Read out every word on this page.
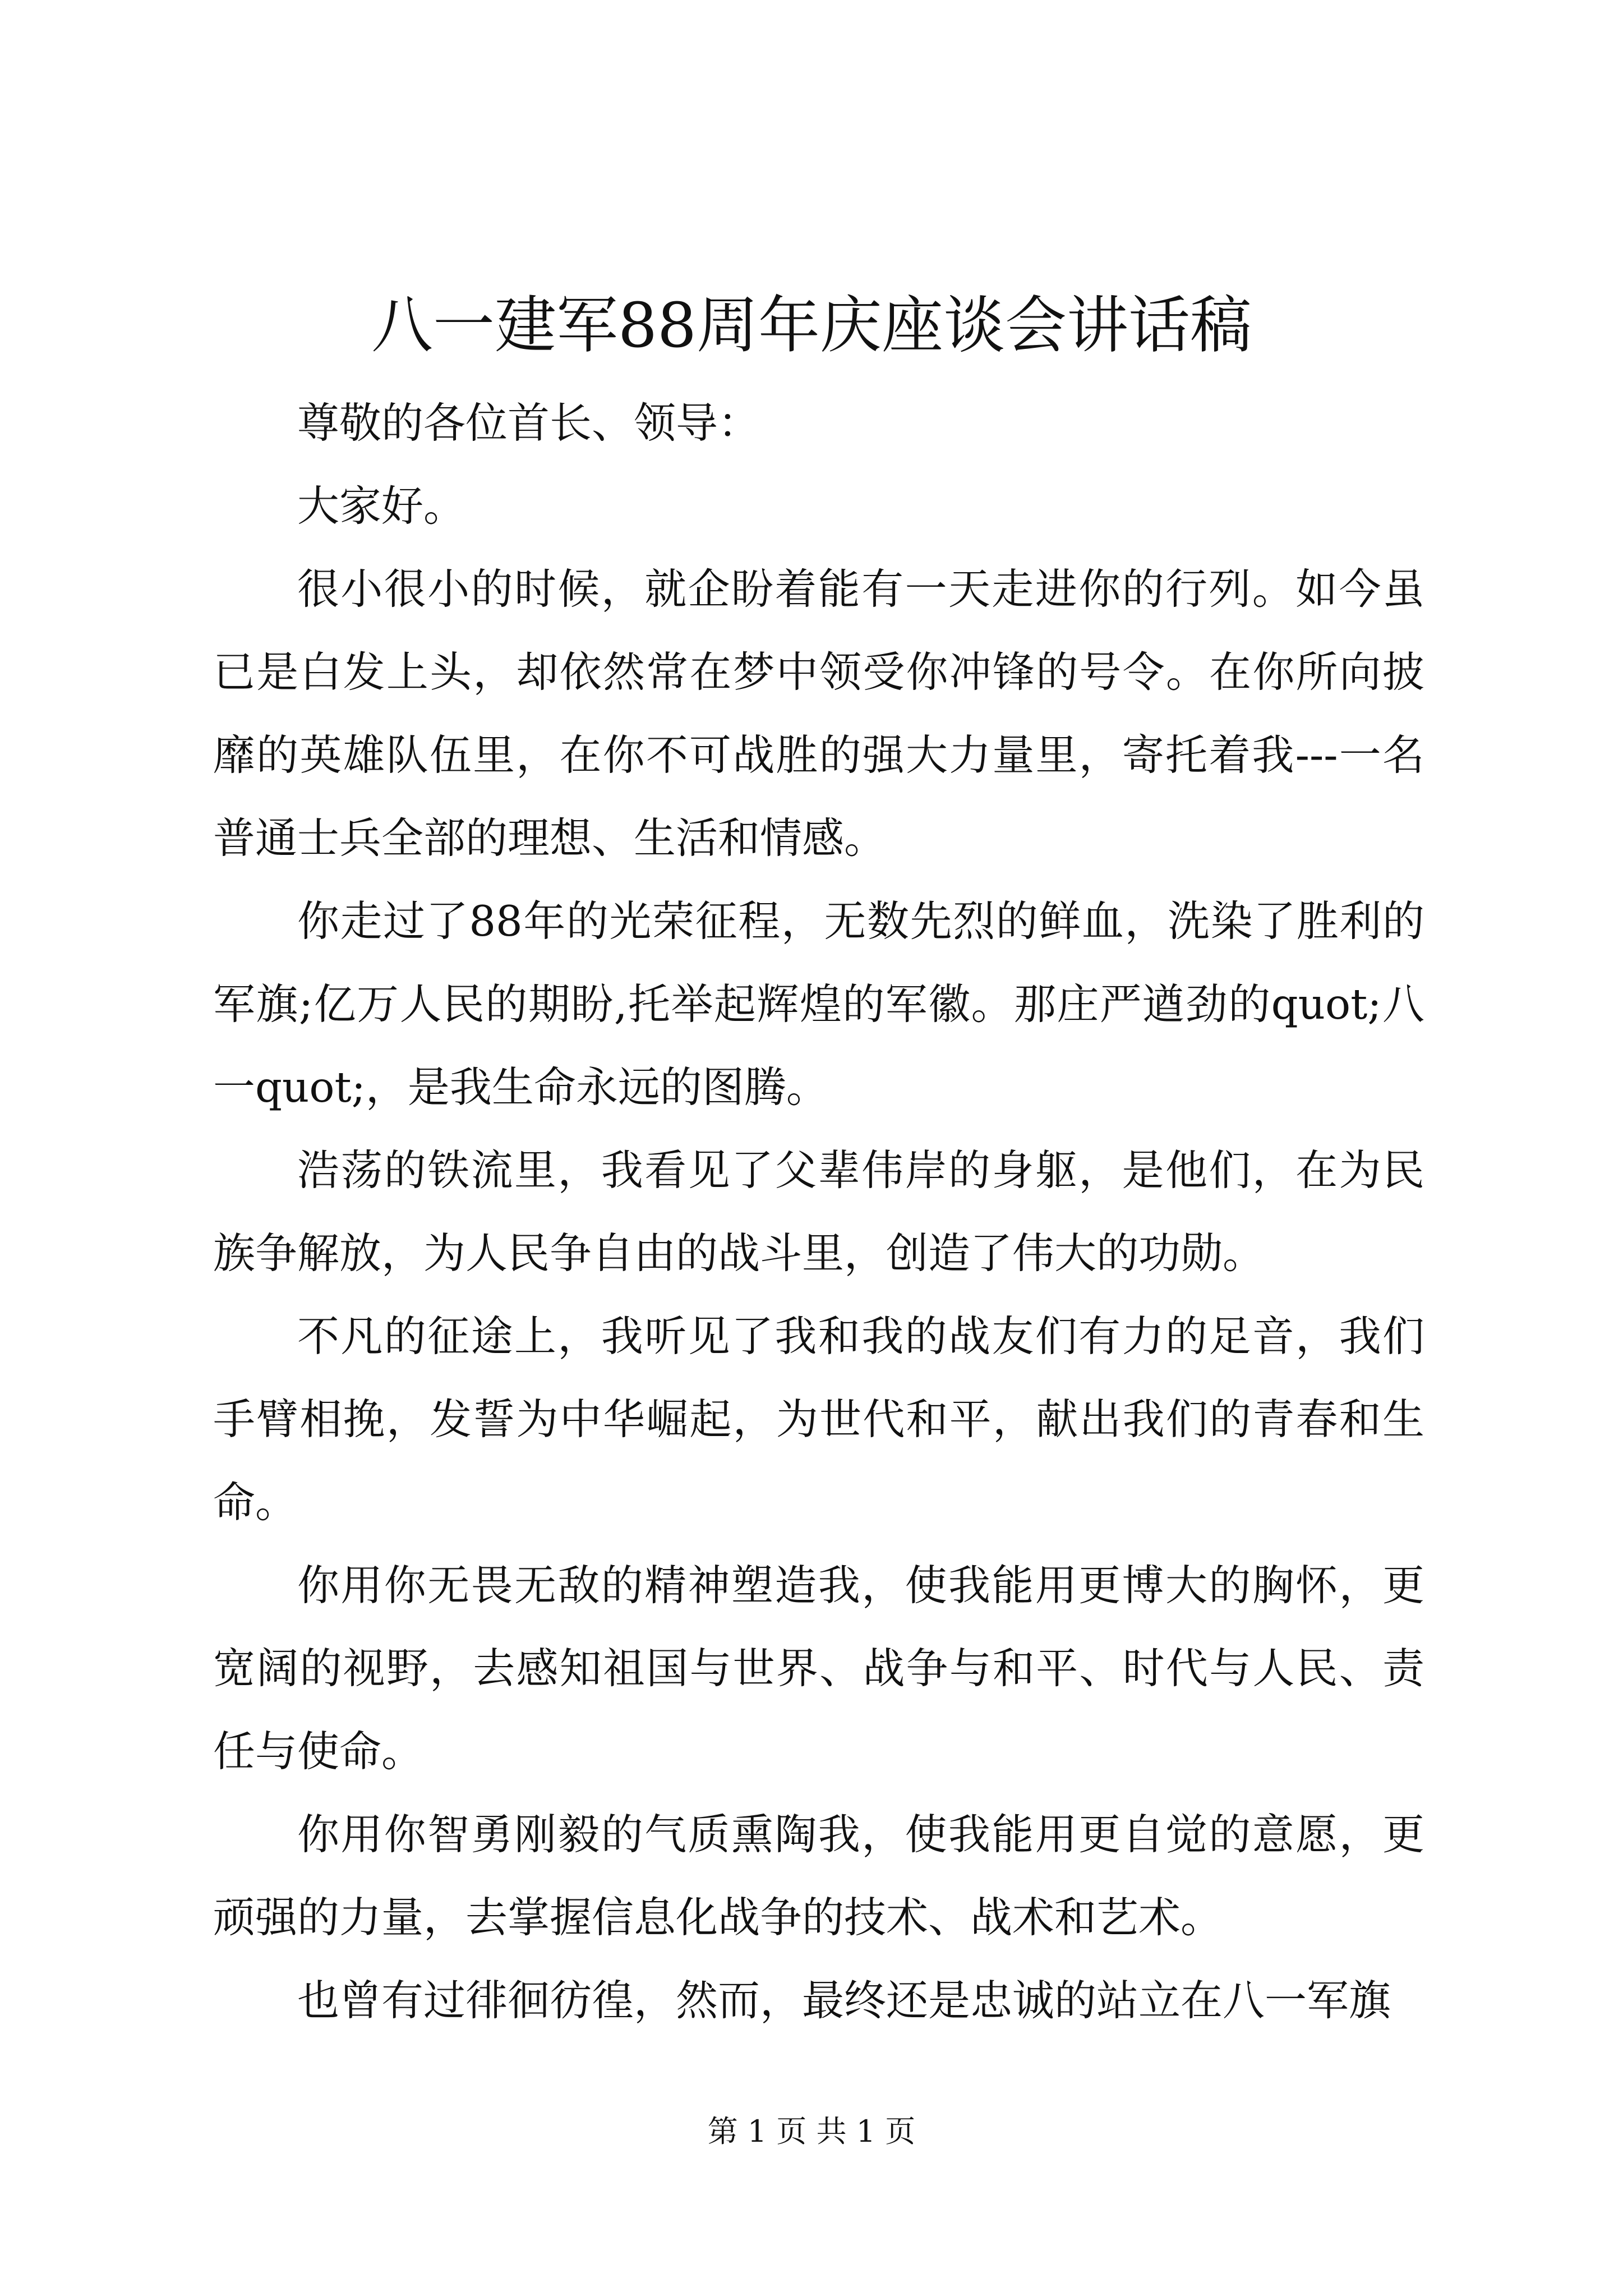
八一建军88周年庆座谈会讲话稿

尊敬的各位首长、领导：

大家好。

很小很小的时候，就企盼着能有一天走进你的行列。如今虽已是白发上头，却依然常在梦中领受你冲锋的号令。在你所向披靡的英雄队伍里，在你不可战胜的强大力量里，寄托着我---一名普通士兵全部的理想、生活和情感。

你走过了88年的光荣征程，无数先烈的鲜血，洗染了胜利的军旗;亿万人民的期盼,托举起辉煌的军徽。那庄严遒劲的quot;八一quot;，是我生命永远的图腾。

浩荡的铁流里，我看见了父辈伟岸的身躯，是他们，在为民族争解放，为人民争自由的战斗里，创造了伟大的功勋。

不凡的征途上，我听见了我和我的战友们有力的足音，我们手臂相挽，发誓为中华崛起，为世代和平，献出我们的青春和生命。

你用你无畏无敌的精神塑造我，使我能用更博大的胸怀，更宽阔的视野，去感知祖国与世界、战争与和平、时代与人民、责任与使命。

你用你智勇刚毅的气质熏陶我，使我能用更自觉的意愿，更顽强的力量，去掌握信息化战争的技术、战术和艺术。

也曾有过徘徊彷徨，然而，最终还是忠诚的站立在八一军旗

第 1 页 共 1 页
